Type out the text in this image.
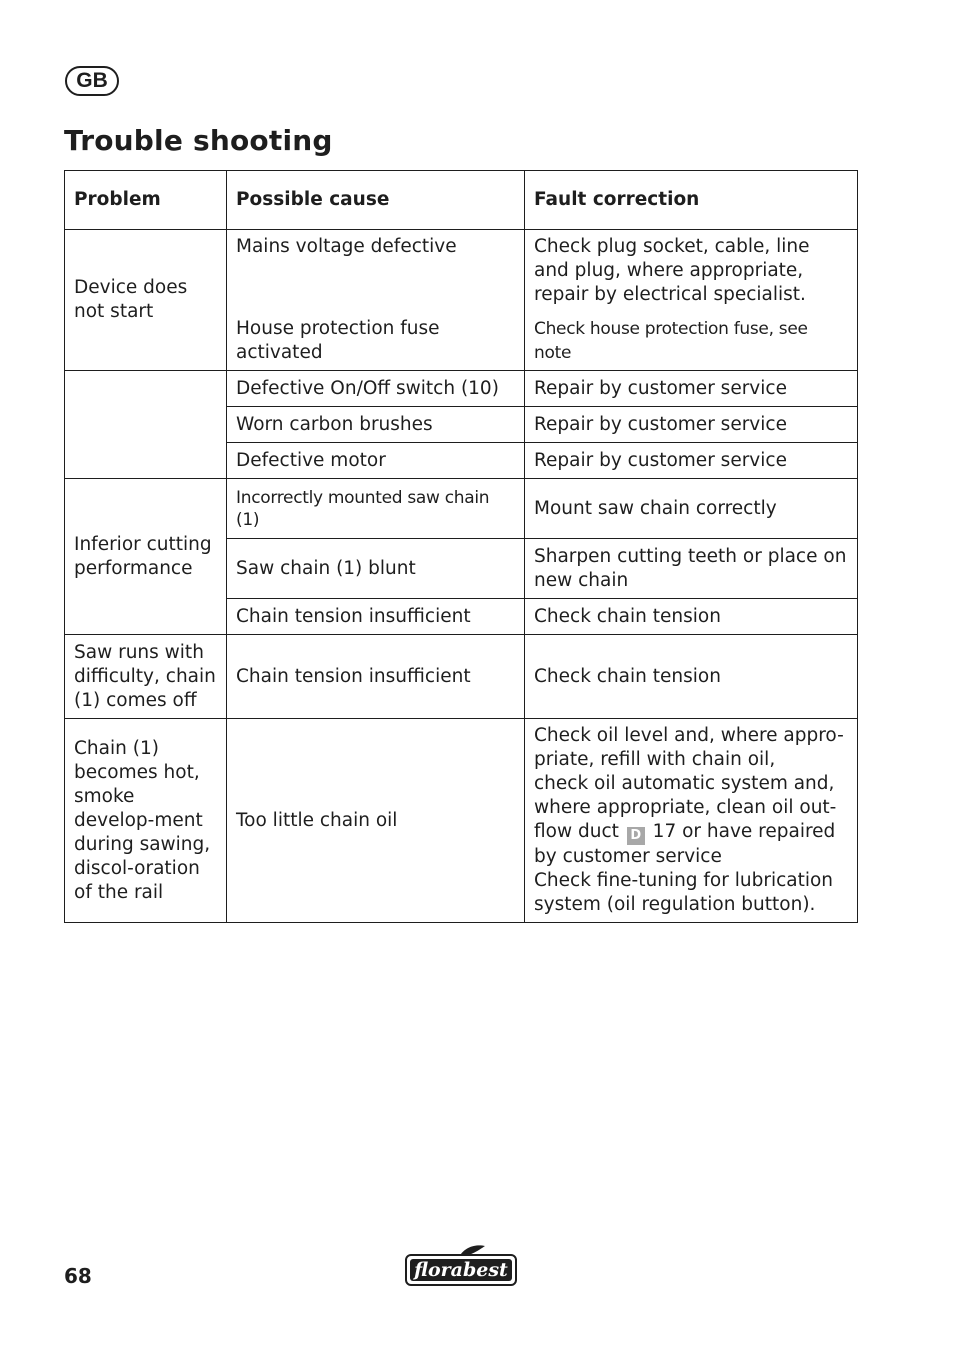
GB
Trouble shooting
Problem	Possible cause	Fault correction
Device does not start	Mains voltage defective	Check plug socket, cable, line and plug, where appropriate, repair by electrical specialist.
	House protection fuse activated	Check house protection fuse, see note
	Defective On/Off switch (10)	Repair by customer service
	Worn carbon brushes	Repair by customer service
	Defective motor	Repair by customer service
Inferior cutting performance	Incorrectly mounted saw chain (1)	Mount saw chain correctly
	Saw chain (1) blunt	Sharpen cutting teeth or place on new chain
	Chain tension insufficient	Check chain tension
Saw runs with difficulty, chain (1) comes off	Chain tension insufficient	Check chain tension
Chain (1) becomes hot, smoke develop-ment during sawing, discol-oration of the rail	Too little chain oil	Check oil level and, where appro-priate, refill with chain oil,
check oil automatic system and, where appropriate, clean oil out-flow duct D 17 or have repaired by customer service
Check fine-tuning for lubrication system (oil regulation button).
68	florabest
